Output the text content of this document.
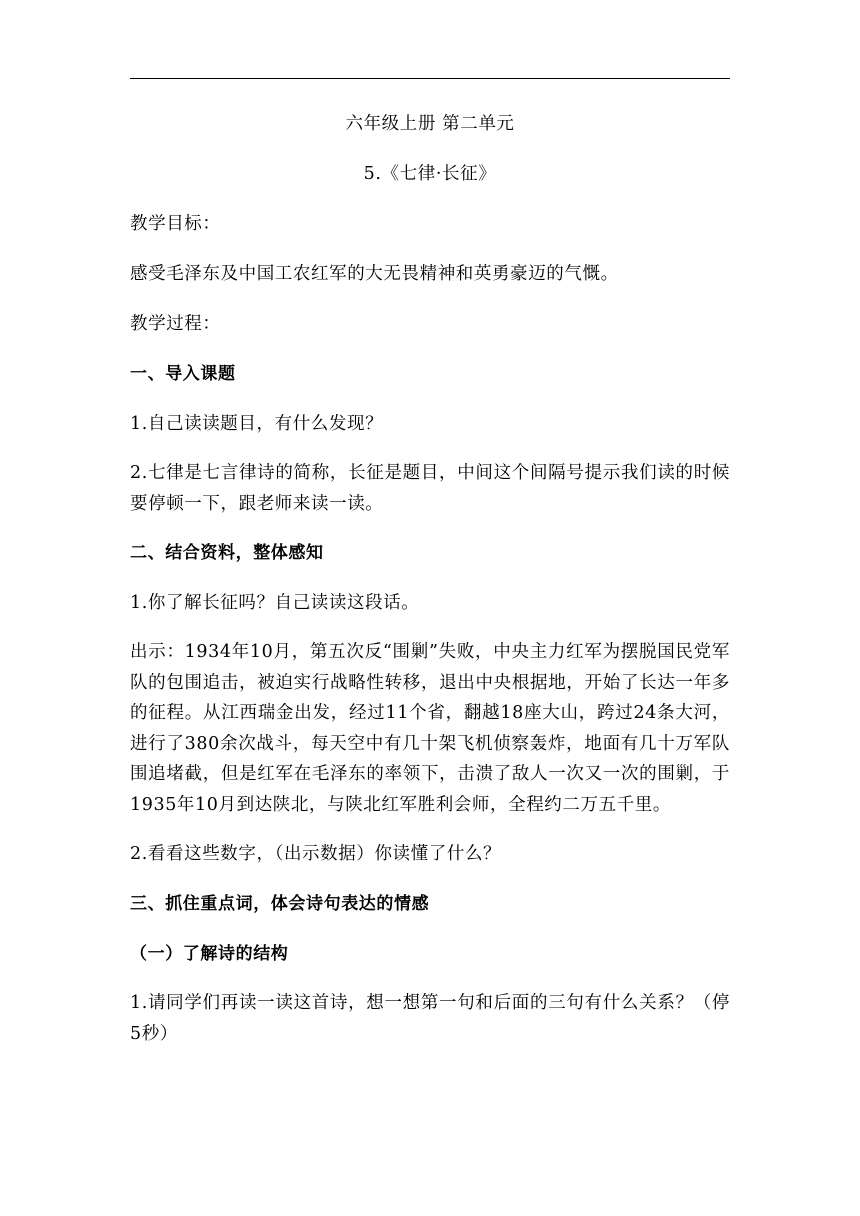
六年级上册 第二单元

5.《七律·长征》

教学目标：

感受毛泽东及中国工农红军的大无畏精神和英勇豪迈的气慨。

教学过程：

一、导入课题

1.自己读读题目，有什么发现？

2.七律是七言律诗的简称，长征是题目，中间这个间隔号提示我们读的时候要停顿一下，跟老师来读一读。

二、结合资料，整体感知

1.你了解长征吗？自己读读这段话。

出示：1934年10月，第五次反“围剿”失败，中央主力红军为摆脱国民党军队的包围追击，被迫实行战略性转移，退出中央根据地，开始了长达一年多的征程。从江西瑞金出发，经过11个省，翻越18座大山，跨过24条大河，进行了380余次战斗，每天空中有几十架飞机侦察轰炸，地面有几十万军队围追堵截，但是红军在毛泽东的率领下，击溃了敌人一次又一次的围剿，于1935年10月到达陕北，与陕北红军胜利会师，全程约二万五千里。

2.看看这些数字，（出示数据）你读懂了什么？

三、抓住重点词，体会诗句表达的情感

（一）了解诗的结构

1.请同学们再读一读这首诗，想一想第一句和后面的三句有什么关系？（停5秒）
